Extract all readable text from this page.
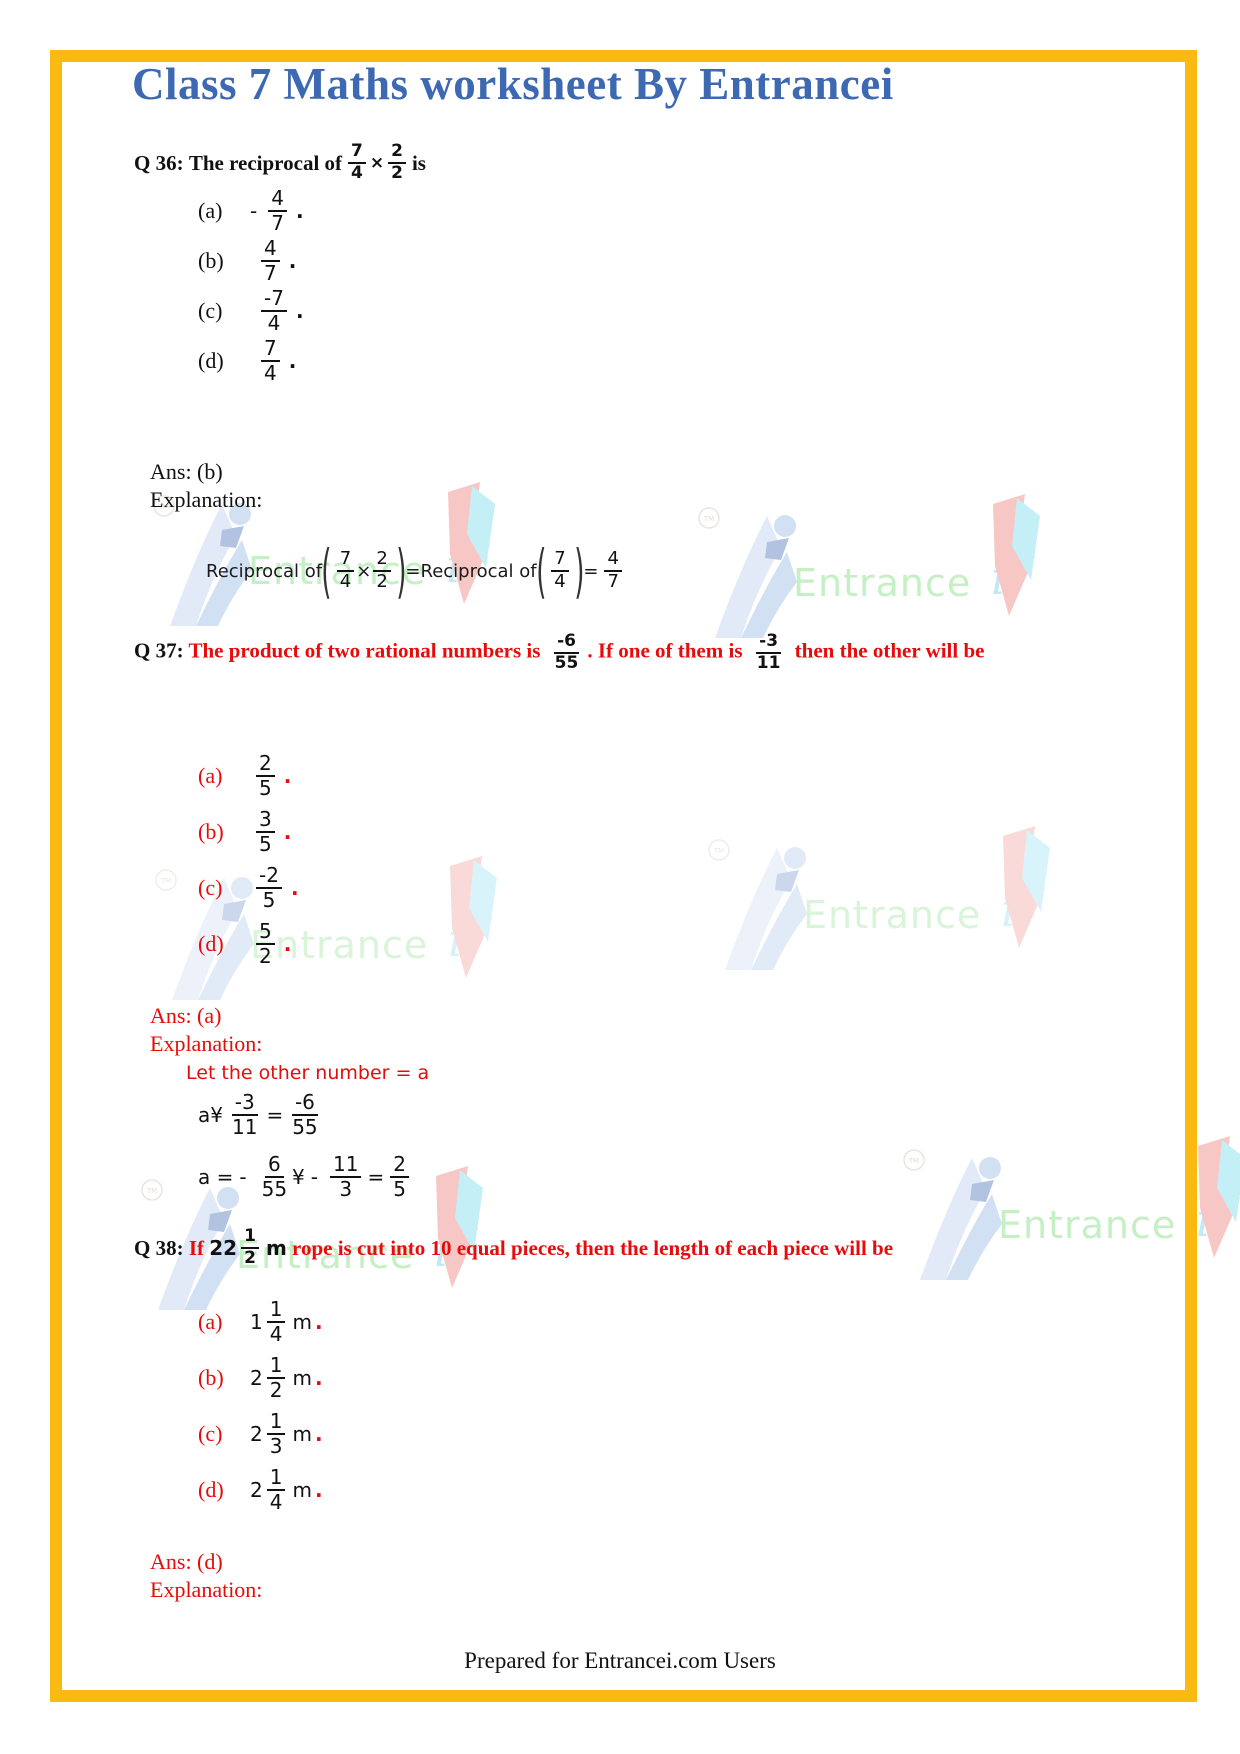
Class 7 Maths worksheet By Entrancei
Q 36:
The reciprocal of $\frac{7}{4} \times \frac{2}{2}$ is
(a)	- $\frac{4}{7}$ .
(b)	$\frac{4}{7}$ .
(c)	$\frac{-7}{4}$ .
(d)	$\frac{7}{4}$ .
Ans: (b)
Explanation:
Reciprocal of ( $\frac{7}{4} \times \frac{2}{2}$ ) = Reciprocal of ( $\frac{7}{4}$ ) = $\frac{4}{7}$
Q 37: The product of two rational numbers is $\frac{-6}{55}$ . If one of them is $\frac{-3}{11}$ then the other will be
(a)	$\frac{2}{5}$ .
(b)	$\frac{3}{5}$ .
(c)	$\frac{-2}{5}$ .
(d)	$\frac{5}{2}$ .
Ans: (a)
Explanation:
Let the other number = a
a¥ $\frac{-3}{11} = \frac{-6}{55}$
a = - $\frac{6}{55}$ ¥ - $\frac{11}{3} = \frac{2}{5}$
Q 38:
If
$22 \frac{1}{2}$ m
rope is cut into 10 equal pieces, then the length of each piece will be
(a)	$1 \frac{1}{4}$ m .
(b)	$2 \frac{1}{2}$ m .
(c)	$2 \frac{1}{3}$ m .
(d)	$2 \frac{1}{4}$ m .
Ans: (d)
Explanation:
Prepared for Entrancei.com Users
